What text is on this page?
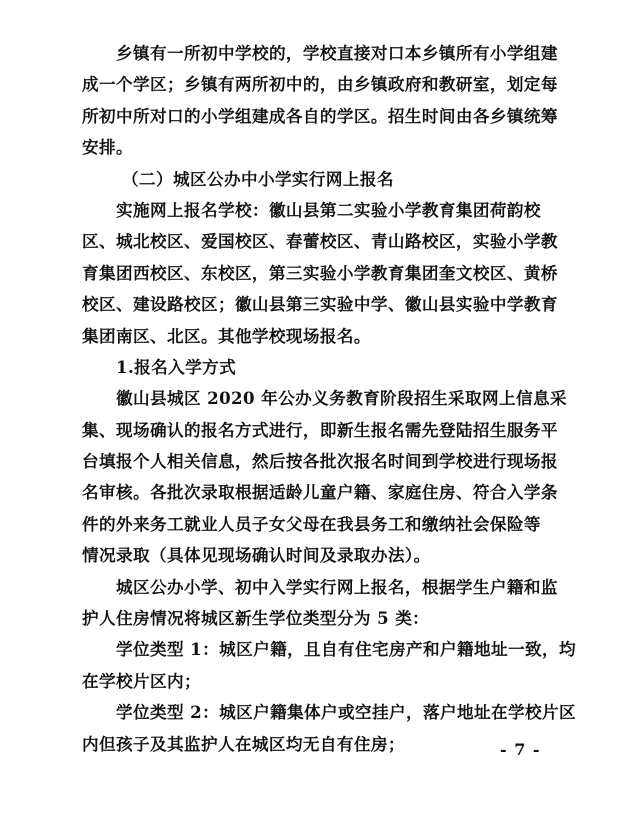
乡镇有一所初中学校的，学校直接对口本乡镇所有小学组建
成一个学区；乡镇有两所初中的，由乡镇政府和教研室，划定每
所初中所对口的小学组建成各自的学区。招生时间由各乡镇统筹
安排。
（二）城区公办中小学实行网上报名
实施网上报名学校：徽山县第二实验小学教育集团荷韵校
区、城北校区、爱国校区、春蕾校区、青山路校区，实验小学教
育集团西校区、东校区，第三实验小学教育集团奎文校区、黄桥
校区、建设路校区；徽山县第三实验中学、徽山县实验中学教育
集团南区、北区。其他学校现场报名。
1.报名入学方式
徽山县城区 2020 年公办义务教育阶段招生采取网上信息采
集、现场确认的报名方式进行，即新生报名需先登陆招生服务平
台填报个人相关信息，然后按各批次报名时间到学校进行现场报
名审核。各批次录取根据适龄儿童户籍、家庭住房、符合入学条
件的外来务工就业人员子女父母在我县务工和缴纳社会保险等
情况录取（具体见现场确认时间及录取办法）。
城区公办小学、初中入学实行网上报名，根据学生户籍和监
护人住房情况将城区新生学位类型分为 5 类：
学位类型 1：城区户籍，且自有住宅房产和户籍地址一致，均
在学校片区内；
学位类型 2：城区户籍集体户或空挂户，落户地址在学校片区
内但孩子及其监护人在城区均无自有住房；	- 7 -
